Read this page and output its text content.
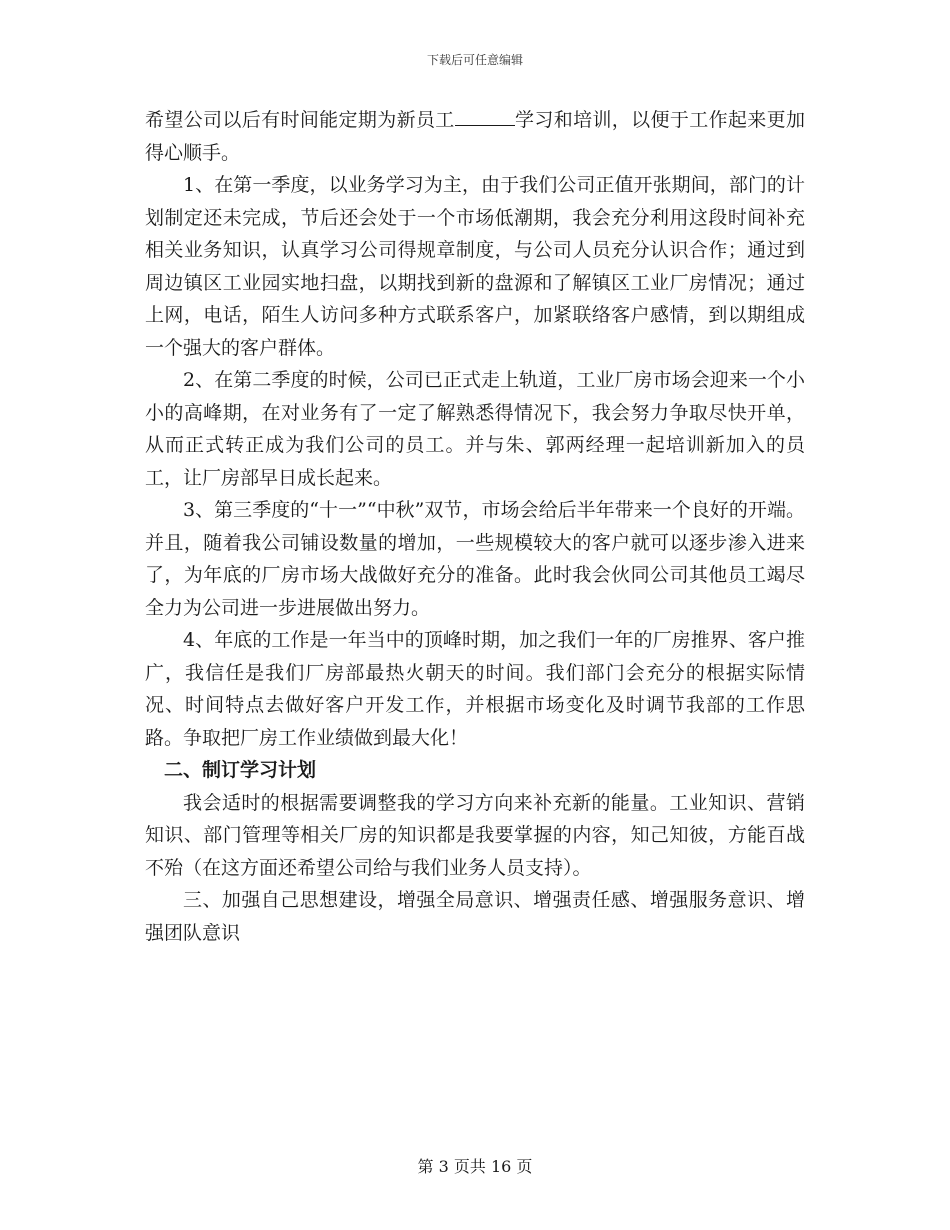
下载后可任意编辑

希望公司以后有时间能定期为新员工	学习和培训，以便于工作起来更加得心顺手。

1、在第一季度，以业务学习为主，由于我们公司正值开张期间，部门的计划制定还未完成，节后还会处于一个市场低潮期，我会充分利用这段时间补充相关业务知识，认真学习公司得规章制度，与公司人员充分认识合作；通过到周边镇区工业园实地扫盘，以期找到新的盘源和了解镇区工业厂房情况；通过上网，电话，陌生人访问多种方式联系客户，加紧联络客户感情，到以期组成一个强大的客户群体。

2、在第二季度的时候，公司已正式走上轨道，工业厂房市场会迎来一个小小的高峰期，在对业务有了一定了解熟悉得情况下，我会努力争取尽快开单，从而正式转正成为我们公司的员工。并与朱、郭两经理一起培训新加入的员工，让厂房部早日成长起来。

3、第三季度的“十一”“中秋”双节，市场会给后半年带来一个良好的开端。并且，随着我公司铺设数量的增加，一些规模较大的客户就可以逐步渗入进来了，为年底的厂房市场大战做好充分的准备。此时我会伙同公司其他员工竭尽全力为公司进一步进展做出努力。

4、年底的工作是一年当中的顶峰时期，加之我们一年的厂房推界、客户推广，我信任是我们厂房部最热火朝天的时间。我们部门会充分的根据实际情况、时间特点去做好客户开发工作，并根据市场变化及时调节我部的工作思路。争取把厂房工作业绩做到最大化！

二、制订学习计划

我会适时的根据需要调整我的学习方向来补充新的能量。工业知识、营销知识、部门管理等相关厂房的知识都是我要掌握的内容，知己知彼，方能百战不殆（在这方面还希望公司给与我们业务人员支持）。

三、加强自己思想建设，增强全局意识、增强责任感、增强服务意识、增强团队意识

第 3 页共 16 页
